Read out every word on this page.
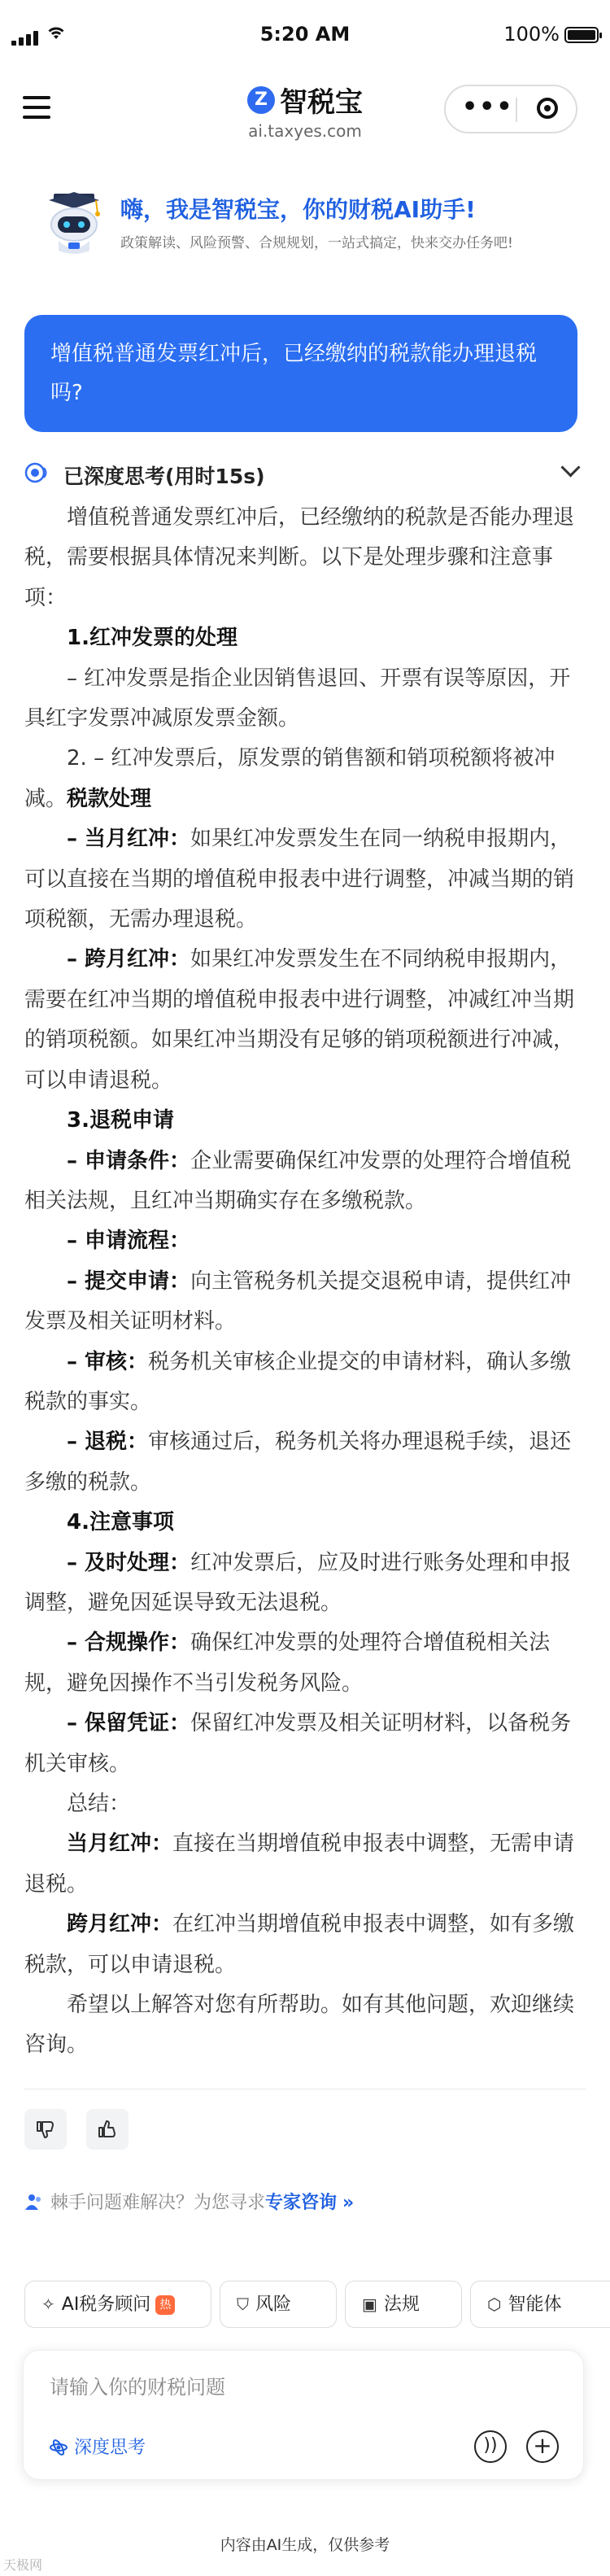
5:20 AM	100%
Z 智税宝
ai.taxyes.com
•••
嗨，我是智税宝，你的财税AI助手!
政策解读、风险预警、合规规划，一站式搞定，快来交办任务吧!
增值税普通发票红冲后，已经缴纳的税款能办理退税吗?
已深度思考(用时15s)

增值税普通发票红冲后，已经缴纳的税款是否能办理退税，需要根据具体情况来判断。以下是处理步骤和注意事项：

1.红冲发票的处理

– 红冲发票是指企业因销售退回、开票有误等原因，开具红字发票冲减原发票金额。

2. – 红冲发票后，原发票的销售额和销项税额将被冲减。税款处理

– 当月红冲：如果红冲发票发生在同一纳税申报期内，可以直接在当期的增值税申报表中进行调整，冲减当期的销项税额，无需办理退税。

– 跨月红冲：如果红冲发票发生在不同纳税申报期内，需要在红冲当期的增值税申报表中进行调整，冲减红冲当期的销项税额。如果红冲当期没有足够的销项税额进行冲减，可以申请退税。

3.退税申请

– 申请条件：企业需要确保红冲发票的处理符合增值税相关法规，且红冲当期确实存在多缴税款。

– 申请流程：

– 提交申请：向主管税务机关提交退税申请，提供红冲发票及相关证明材料。

– 审核：税务机关审核企业提交的申请材料，确认多缴税款的事实。

– 退税：审核通过后，税务机关将办理退税手续，退还多缴的税款。

4.注意事项

– 及时处理：红冲发票后，应及时进行账务处理和申报调整，避免因延误导致无法退税。

– 合规操作：确保红冲发票的处理符合增值税相关法规，避免因操作不当引发税务风险。

– 保留凭证：保留红冲发票及相关证明材料，以备税务机关审核。

总结：

当月红冲：直接在当期增值税申报表中调整，无需申请退税。

跨月红冲：在红冲当期增值税申报表中调整，如有多缴税款，可以申请退税。

希望以上解答对您有所帮助。如有其他问题，欢迎继续咨询。

棘手问题难解决？为您寻求专家咨询 »
✧ AI税务顾问 热	⛉ 风险	▣ 法规	⬡ 智能体
请输入你的财税问题
深度思考	))	+
内容由AI生成，仅供参考
天极网
